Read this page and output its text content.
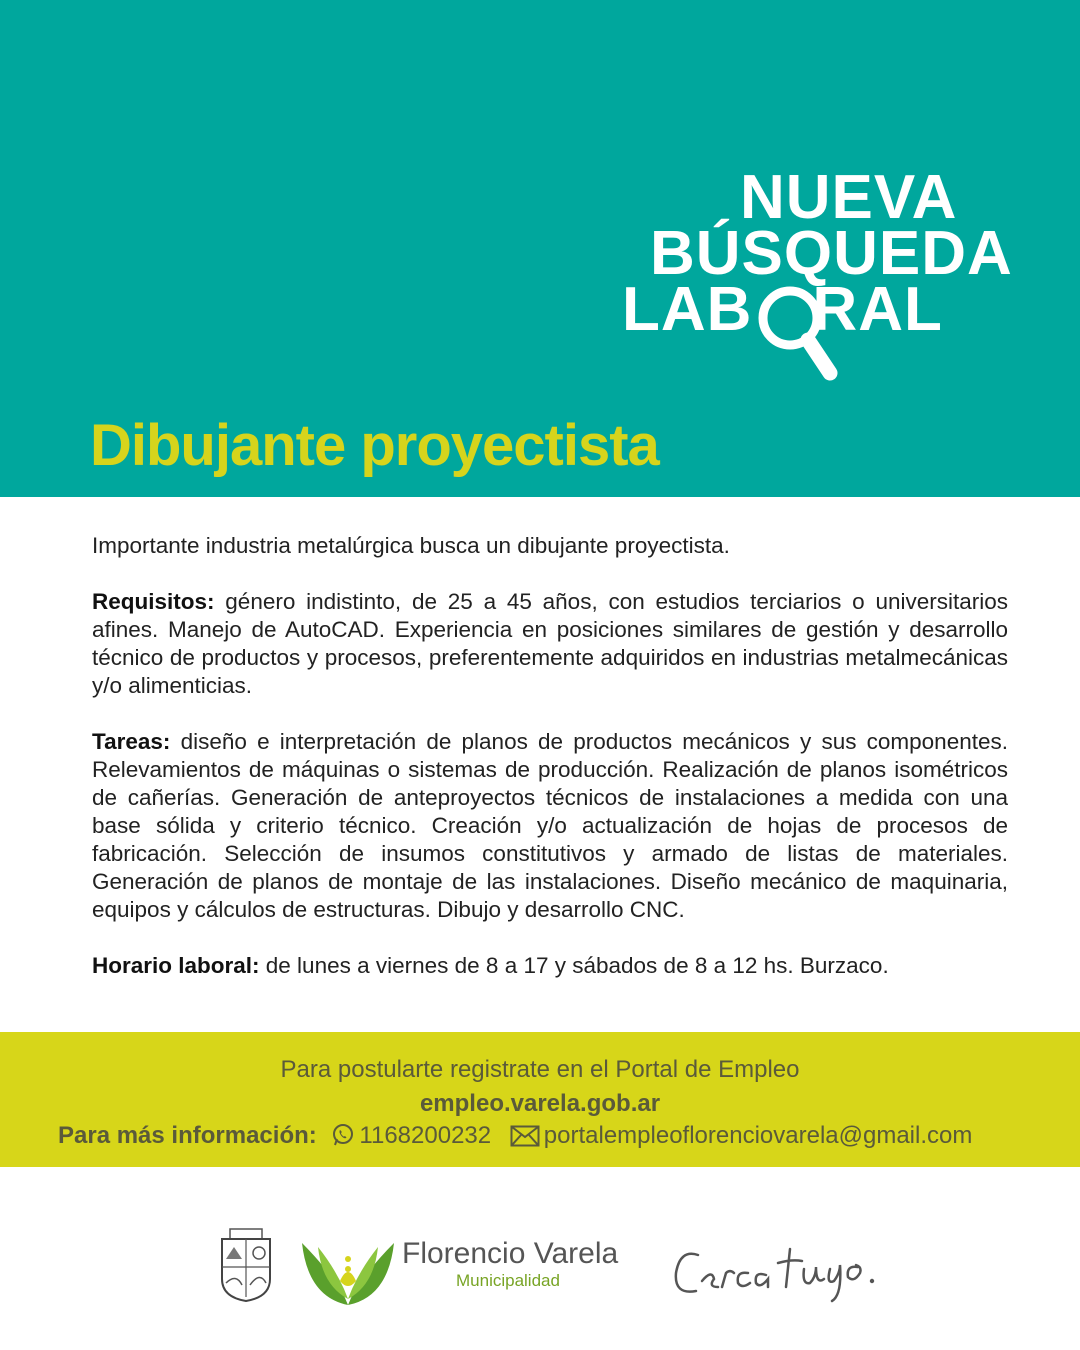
NUEVA
BÚSQUEDA
LAB RAL
Dibujante proyectista

Importante industria metalúrgica busca un dibujante proyectista.

Requisitos: género indistinto, de 25 a 45 años, con estudios terciarios o universitarios afines. Manejo de AutoCAD. Experiencia en posiciones similares de gestión y desarrollo técnico de productos y procesos, preferentemente adquiridos en industrias metalmecánicas y/o alimenticias.

Tareas: diseño e interpretación de planos de productos mecánicos y sus componentes. Relevamientos de máquinas o sistemas de producción. Realización de planos isométricos de cañerías. Generación de anteproyectos técnicos de instalaciones a medida con una base sólida y criterio técnico. Creación y/o actualización de hojas de procesos de fabricación. Selección de insumos constitutivos y armado de listas de materiales. Generación de planos de montaje de las instalaciones. Diseño mecánico de maquinaria, equipos y cálculos de estructuras. Dibujo y desarrollo CNC.

Horario laboral: de lunes a viernes de 8 a 17 y sábados de 8 a 12 hs. Burzaco.

Para postularte registrate en el Portal de Empleo
empleo.varela.gob.ar
Para más información: 1168200232 portalempleoflorenciovarela@gmail.com
Florencio Varela
Municipalidad
